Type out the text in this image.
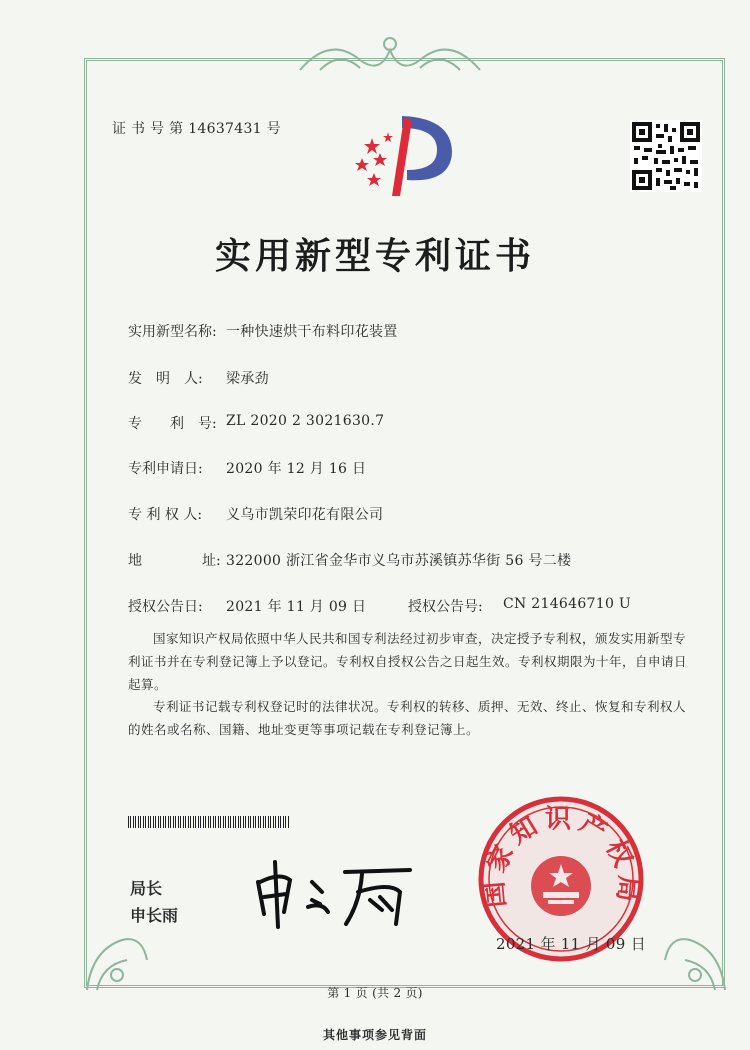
证 书 号 第 14637431 号
实用新型专利证书
实用新型名称: 一种快速烘干布料印花装置
发　明　人: 梁承劲
专　　利　号: ZL 2020 2 3021630.7
专利申请日: 2020 年 12 月 16 日
专 利 权 人: 义乌市凯荣印花有限公司
地	址: 322000 浙江省金华市义乌市苏溪镇苏华街 56 号二楼
授权公告日: 2021 年 11 月 09 日	授权公告号: CN 214646710 U
国家知识产权局依照中华人民共和国专利法经过初步审查，决定授予专利权，颁发实用新型专利证书并在专利登记簿上予以登记。专利权自授权公告之日起生效。专利权期限为十年，自申请日起算。
专利证书记载专利权登记时的法律状况。专利权的转移、质押、无效、终止、恢复和专利权人的姓名或名称、国籍、地址变更等事项记载在专利登记簿上。
局长
申长雨
国家知识产权局
2021 年 11 月 09 日
第 1 页 (共 2 页)
其他事项参见背面
